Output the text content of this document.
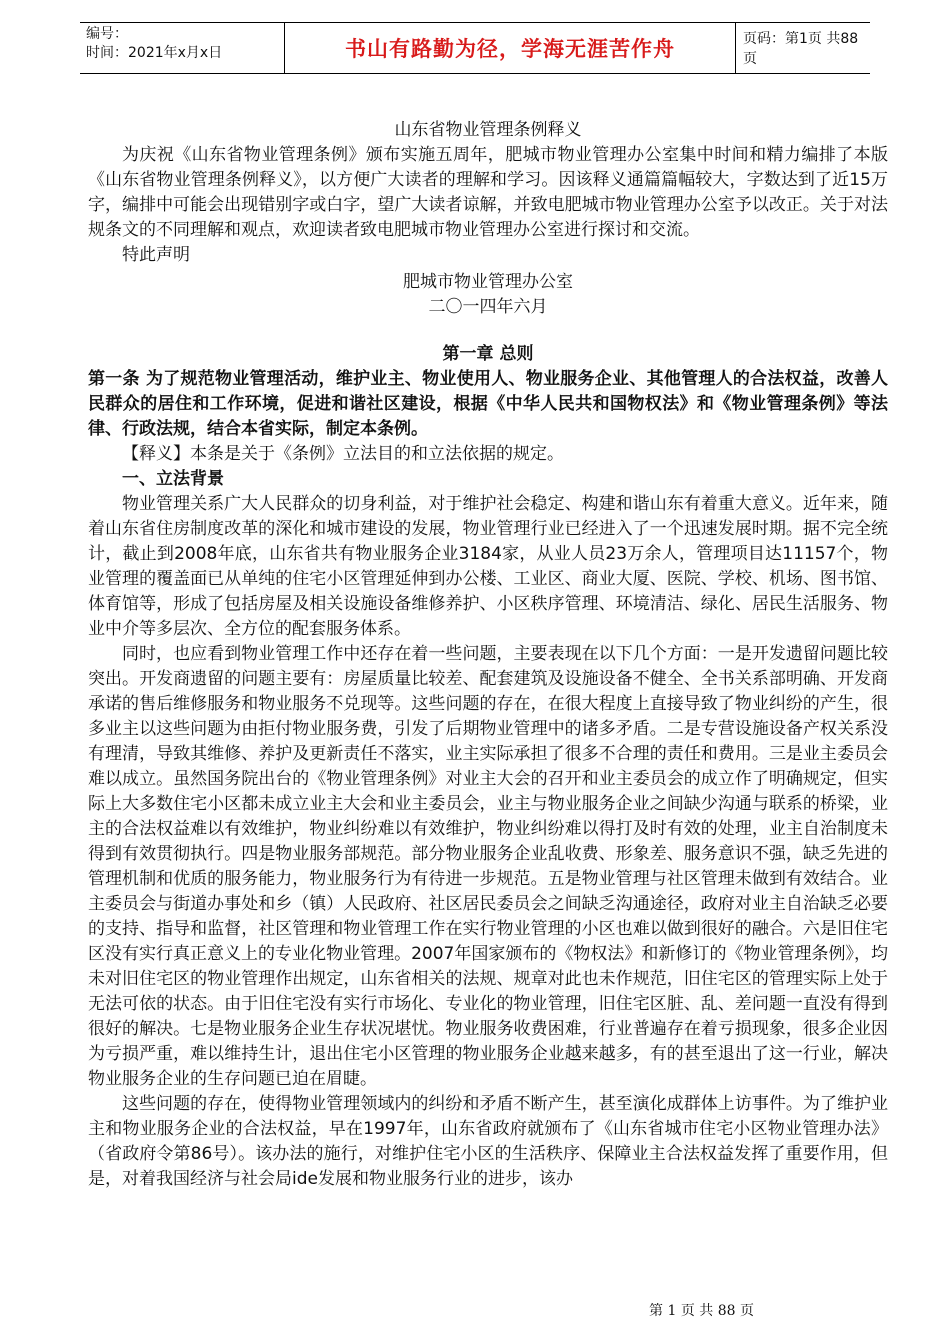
编号：
时间：2021年x月x日	书山有路勤为径，学海无涯苦作舟	页码：第1页 共88页
山东省物业管理条例释义

为庆祝《山东省物业管理条例》颁布实施五周年，肥城市物业管理办公室集中时间和精力编排了本版《山东省物业管理条例释义》，以方便广大读者的理解和学习。因该释义通篇篇幅较大，字数达到了近15万字，编排中可能会出现错别字或白字，望广大读者谅解，并致电肥城市物业管理办公室予以改正。关于对法规条文的不同理解和观点，欢迎读者致电肥城市物业管理办公室进行探讨和交流。

特此声明

肥城市物业管理办公室

二〇一四年六月

第一章 总则

第一条 为了规范物业管理活动，维护业主、物业使用人、物业服务企业、其他管理人的合法权益，改善人民群众的居住和工作环境，促进和谐社区建设，根据《中华人民共和国物权法》和《物业管理条例》等法律、行政法规，结合本省实际，制定本条例。

【释义】本条是关于《条例》立法目的和立法依据的规定。

一、立法背景

物业管理关系广大人民群众的切身利益，对于维护社会稳定、构建和谐山东有着重大意义。近年来，随着山东省住房制度改革的深化和城市建设的发展，物业管理行业已经进入了一个迅速发展时期。据不完全统计，截止到2008年底，山东省共有物业服务企业3184家，从业人员23万余人，管理项目达11157个，物业管理的覆盖面已从单纯的住宅小区管理延伸到办公楼、工业区、商业大厦、医院、学校、机场、图书馆、体育馆等，形成了包括房屋及相关设施设备维修养护、小区秩序管理、环境清洁、绿化、居民生活服务、物业中介等多层次、全方位的配套服务体系。

同时，也应看到物业管理工作中还存在着一些问题，主要表现在以下几个方面：一是开发遗留问题比较突出。开发商遗留的问题主要有：房屋质量比较差、配套建筑及设施设备不健全、全书关系部明确、开发商承诺的售后维修服务和物业服务不兑现等。这些问题的存在，在很大程度上直接导致了物业纠纷的产生，很多业主以这些问题为由拒付物业服务费，引发了后期物业管理中的诸多矛盾。二是专营设施设备产权关系没有理清，导致其维修、养护及更新责任不落实，业主实际承担了很多不合理的责任和费用。三是业主委员会难以成立。虽然国务院出台的《物业管理条例》对业主大会的召开和业主委员会的成立作了明确规定，但实际上大多数住宅小区都未成立业主大会和业主委员会，业主与物业服务企业之间缺少沟通与联系的桥梁，业主的合法权益难以有效维护，物业纠纷难以有效维护，物业纠纷难以得打及时有效的处理，业主自治制度未得到有效贯彻执行。四是物业服务部规范。部分物业服务企业乱收费、形象差、服务意识不强，缺乏先进的管理机制和优质的服务能力，物业服务行为有待进一步规范。五是物业管理与社区管理未做到有效结合。业主委员会与街道办事处和乡（镇）人民政府、社区居民委员会之间缺乏沟通途径，政府对业主自治缺乏必要的支持、指导和监督，社区管理和物业管理工作在实行物业管理的小区也难以做到很好的融合。六是旧住宅区没有实行真正意义上的专业化物业管理。2007年国家颁布的《物权法》和新修订的《物业管理条例》，均未对旧住宅区的物业管理作出规定，山东省相关的法规、规章对此也未作规范，旧住宅区的管理实际上处于无法可依的状态。由于旧住宅没有实行市场化、专业化的物业管理，旧住宅区脏、乱、差问题一直没有得到很好的解决。七是物业服务企业生存状况堪忧。物业服务收费困难，行业普遍存在着亏损现象，很多企业因为亏损严重，难以维持生计，退出住宅小区管理的物业服务企业越来越多，有的甚至退出了这一行业，解决物业服务企业的生存问题已迫在眉睫。

这些问题的存在，使得物业管理领域内的纠纷和矛盾不断产生，甚至演化成群体上访事件。为了维护业主和物业服务企业的合法权益，早在1997年，山东省政府就颁布了《山东省城市住宅小区物业管理办法》（省政府令第86号）。该办法的施行，对维护住宅小区的生活秩序、保障业主合法权益发挥了重要作用，但是，对着我国经济与社会局ide发展和物业服务行业的进步，该办

第 1 页 共 88 页
